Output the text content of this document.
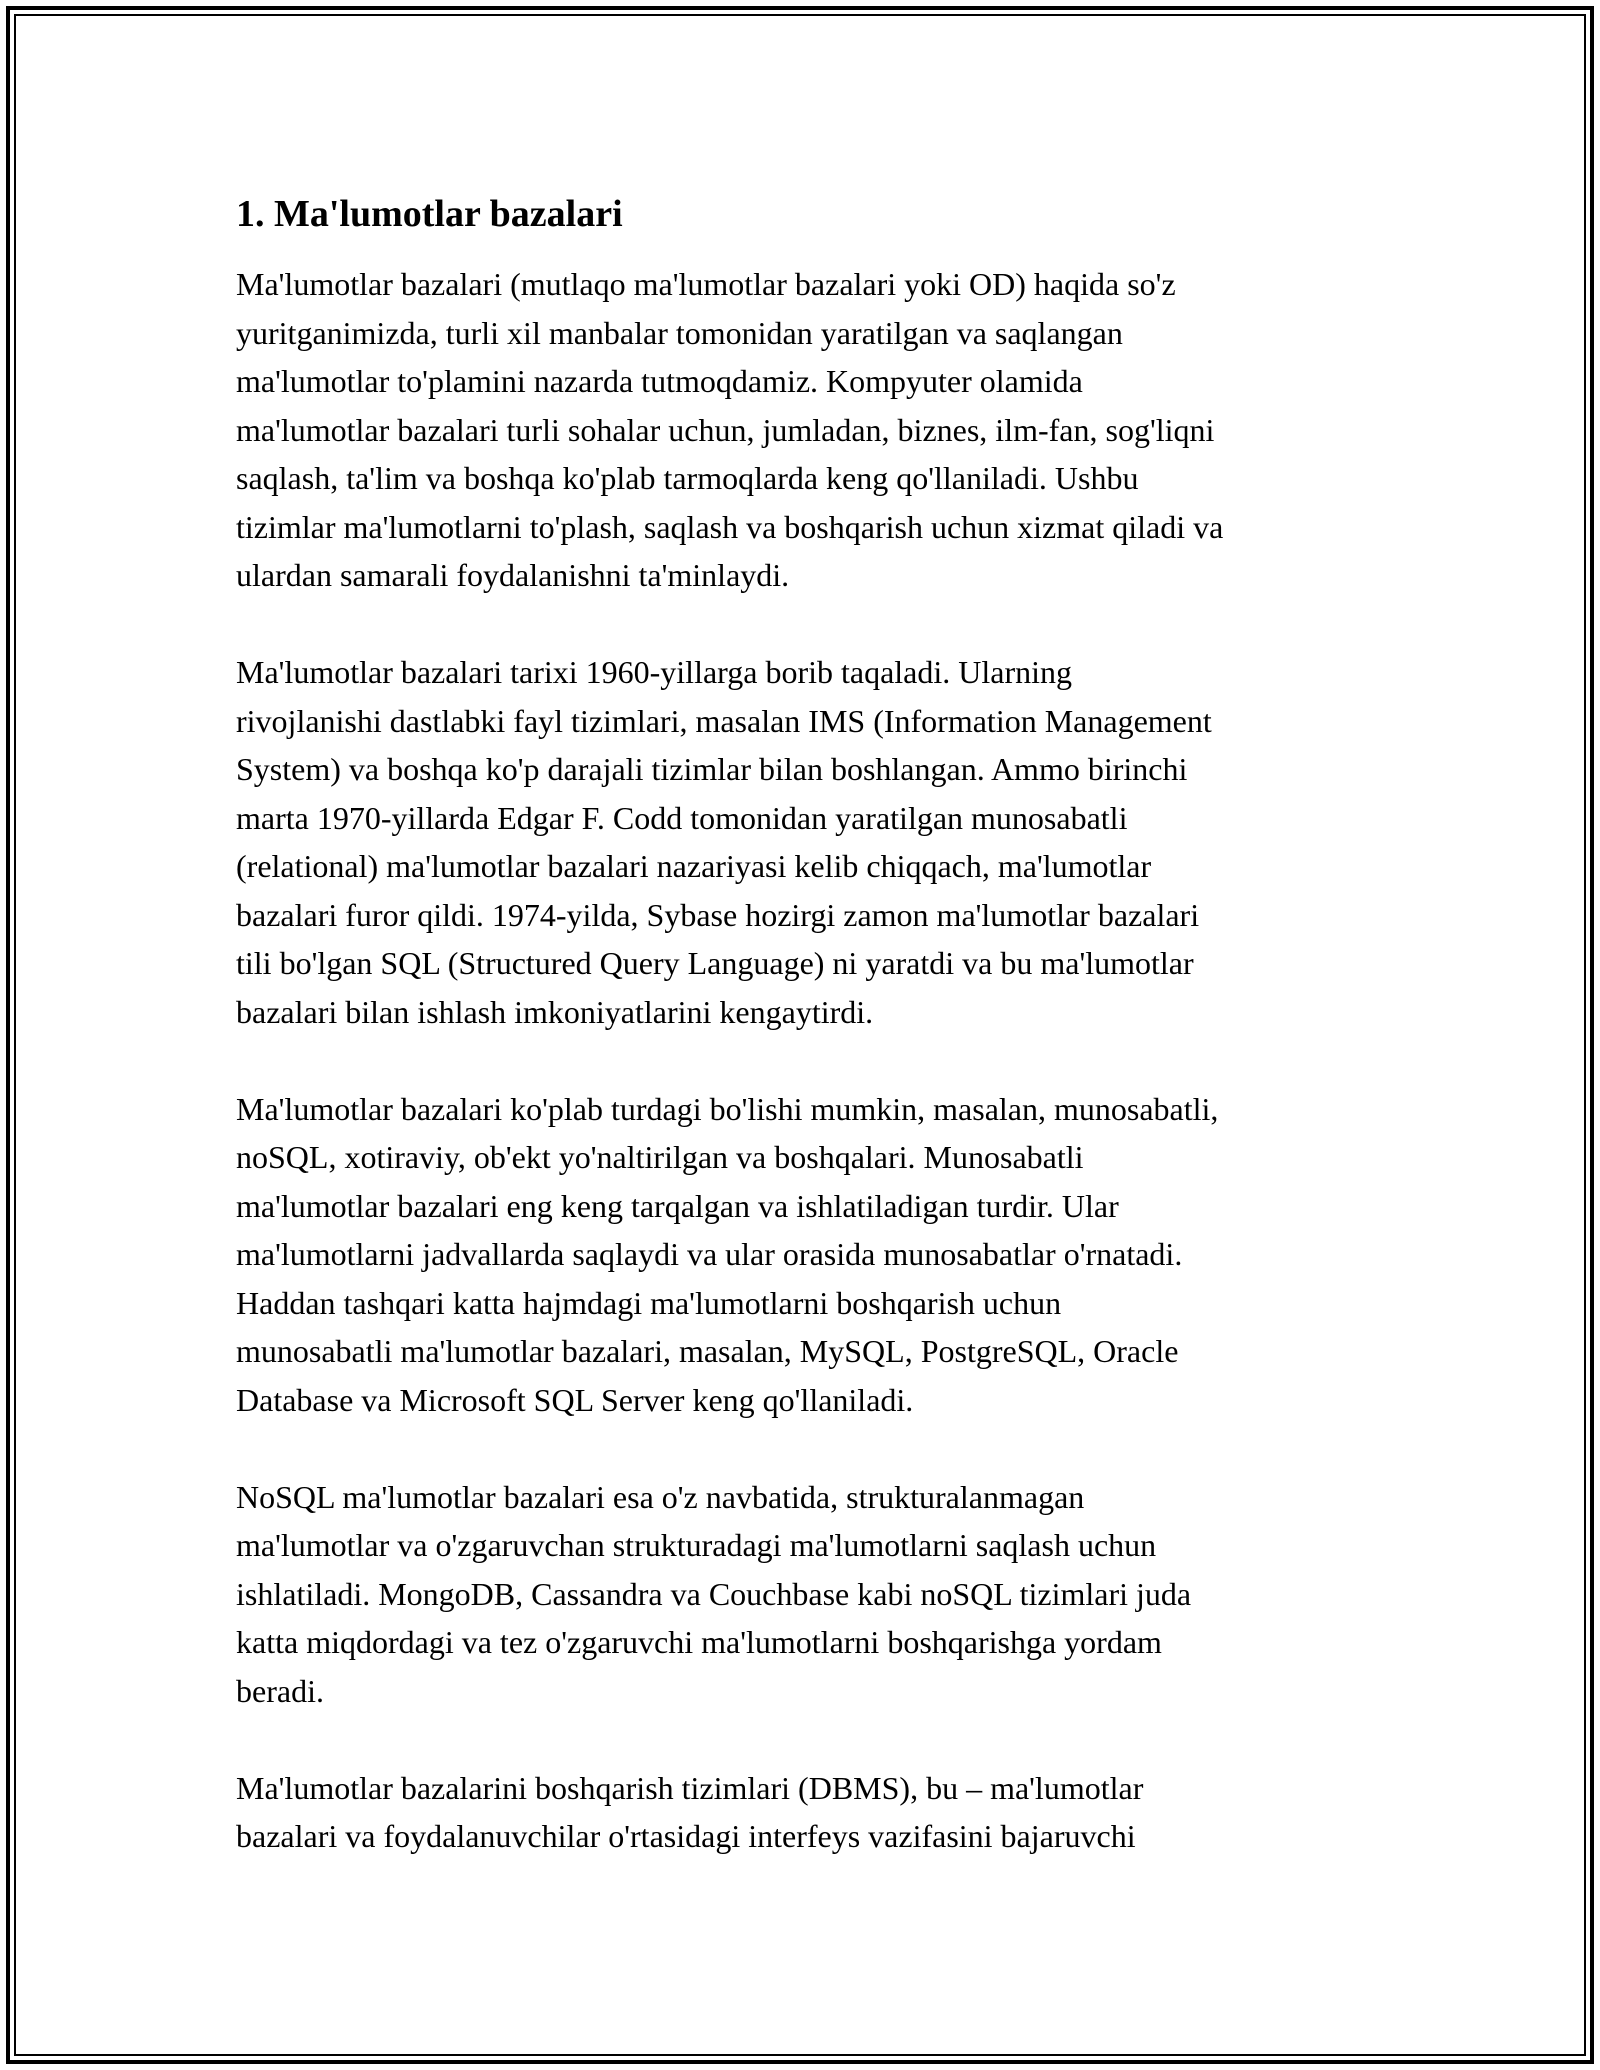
1. Ma'lumotlar bazalari

Ma'lumotlar bazalari (mutlaqo ma'lumotlar bazalari yoki OD) haqida so'z
yuritganimizda, turli xil manbalar tomonidan yaratilgan va saqlangan
ma'lumotlar to'plamini nazarda tutmoqdamiz. Kompyuter olamida
ma'lumotlar bazalari turli sohalar uchun, jumladan, biznes, ilm-fan, sog'liqni
saqlash, ta'lim va boshqa ko'plab tarmoqlarda keng qo'llaniladi. Ushbu
tizimlar ma'lumotlarni to'plash, saqlash va boshqarish uchun xizmat qiladi va
ulardan samarali foydalanishni ta'minlaydi.

Ma'lumotlar bazalari tarixi 1960-yillarga borib taqaladi. Ularning
rivojlanishi dastlabki fayl tizimlari, masalan IMS (Information Management
System) va boshqa ko'p darajali tizimlar bilan boshlangan. Ammo birinchi
marta 1970-yillarda Edgar F. Codd tomonidan yaratilgan munosabatli
(relational) ma'lumotlar bazalari nazariyasi kelib chiqqach, ma'lumotlar
bazalari furor qildi. 1974-yilda, Sybase hozirgi zamon ma'lumotlar bazalari
tili bo'lgan SQL (Structured Query Language) ni yaratdi va bu ma'lumotlar
bazalari bilan ishlash imkoniyatlarini kengaytirdi.

Ma'lumotlar bazalari ko'plab turdagi bo'lishi mumkin, masalan, munosabatli,
noSQL, xotiraviy, ob'ekt yo'naltirilgan va boshqalari. Munosabatli
ma'lumotlar bazalari eng keng tarqalgan va ishlatiladigan turdir. Ular
ma'lumotlarni jadvallarda saqlaydi va ular orasida munosabatlar o'rnatadi.
Haddan tashqari katta hajmdagi ma'lumotlarni boshqarish uchun
munosabatli ma'lumotlar bazalari, masalan, MySQL, PostgreSQL, Oracle
Database va Microsoft SQL Server keng qo'llaniladi.

NoSQL ma'lumotlar bazalari esa o'z navbatida, strukturalanmagan
ma'lumotlar va o'zgaruvchan strukturadagi ma'lumotlarni saqlash uchun
ishlatiladi. MongoDB, Cassandra va Couchbase kabi noSQL tizimlari juda
katta miqdordagi va tez o'zgaruvchi ma'lumotlarni boshqarishga yordam
beradi.

Ma'lumotlar bazalarini boshqarish tizimlari (DBMS), bu – ma'lumotlar
bazalari va foydalanuvchilar o'rtasidagi interfeys vazifasini bajaruvchi
